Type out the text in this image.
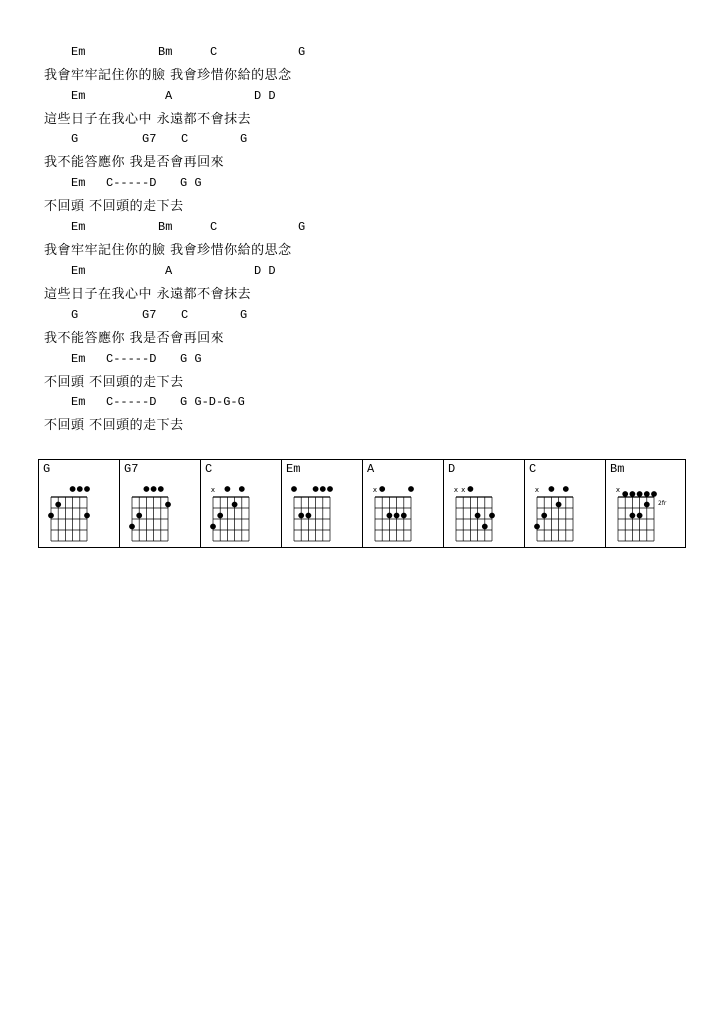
Em	Bm	C	G
我會牢牢記住你的臉 我會珍惜你給的思念
Em	A	D D
這些日子在我心中 永遠都不會抹去
G	G7 C	G
我不能答應你 我是否會再回來
Em C-----D G G
不回頭 不回頭的走下去
Em	Bm	C	G
我會牢牢記住你的臉 我會珍惜你給的思念
Em	A	D D
這些日子在我心中 永遠都不會抹去
G	G7 C	G
我不能答應你 我是否會再回來
Em C-----D G G
不回頭 不回頭的走下去
Em C-----D G G-D-G-G
不回頭 不回頭的走下去
G	G7	C
x
Em	A
x
D
x x
C
x
Bm
x
2fr
